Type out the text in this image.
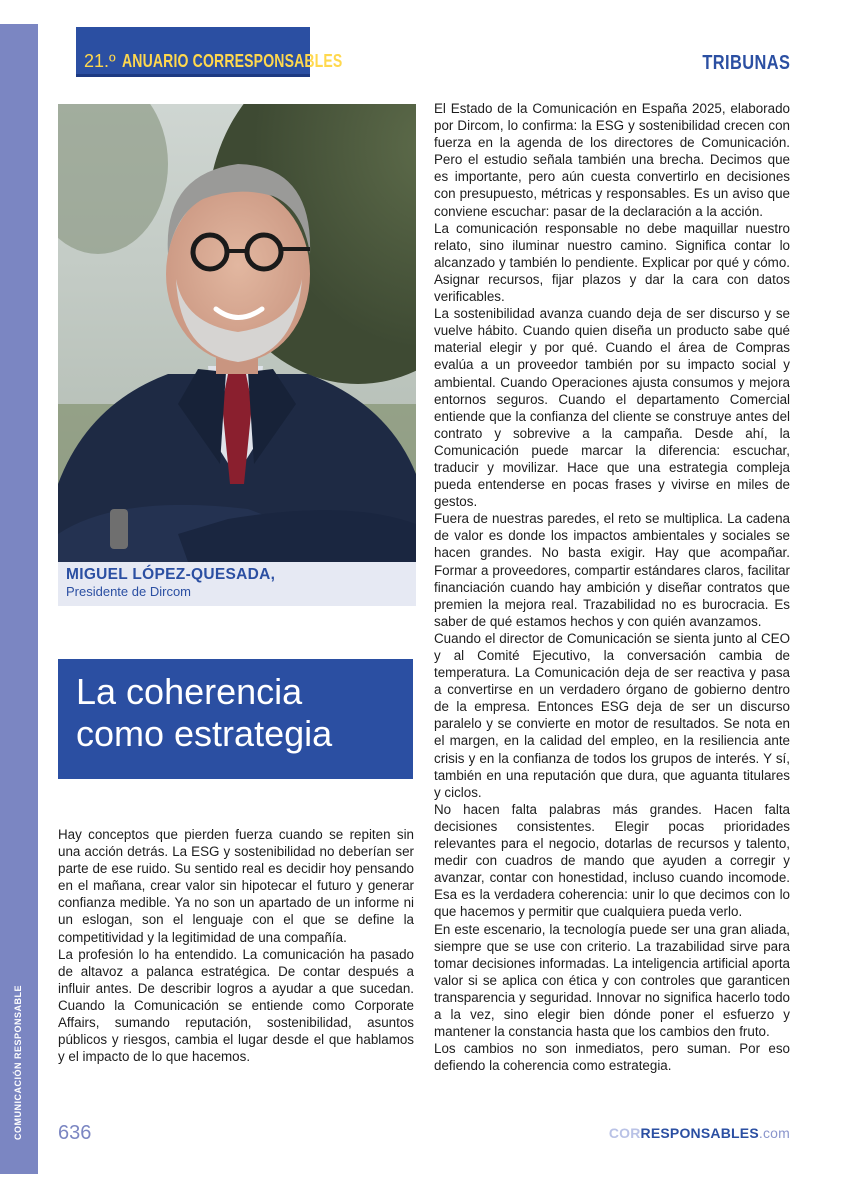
COMUNICACIÓN RESPONSABLE
21.º ANUARIO CORRESPONSABLES	TRIBUNAS
MIGUEL LÓPEZ-QUESADA,
Presidente de Dircom
La coherencia
como estrategia

Hay conceptos que pierden fuerza cuando se repiten sin una acción detrás. La ESG y sostenibilidad no deberían ser parte de ese ruido. Su sentido real es decidir hoy pensando en el mañana, crear valor sin hipotecar el futuro y generar confianza medible. Ya no son un apartado de un informe ni un eslogan, son el lenguaje con el que se define la competitividad y la legitimidad de una compañía.

La profesión lo ha entendido. La comunicación ha pasado de altavoz a palanca estratégica. De contar después a influir antes. De describir logros a ayudar a que sucedan. Cuando la Comunicación se entiende como Corporate Affairs, sumando reputación, sostenibilidad, asuntos públicos y riesgos, cambia el lugar desde el que hablamos y el impacto de lo que hacemos.

El Estado de la Comunicación en España 2025, elaborado por Dircom, lo confirma: la ESG y sostenibilidad crecen con fuerza en la agenda de los directores de Comunicación. Pero el estudio señala también una brecha. Decimos que es importante, pero aún cuesta convertirlo en decisiones con presupuesto, métricas y responsables. Es un aviso que conviene escuchar: pasar de la declaración a la acción.

La comunicación responsable no debe maquillar nuestro relato, sino iluminar nuestro camino. Significa contar lo alcanzado y también lo pendiente. Explicar por qué y cómo. Asignar recursos, fijar plazos y dar la cara con datos verificables.

La sostenibilidad avanza cuando deja de ser discurso y se vuelve hábito. Cuando quien diseña un producto sabe qué material elegir y por qué. Cuando el área de Compras evalúa a un proveedor también por su impacto social y ambiental. Cuando Operaciones ajusta consumos y mejora entornos seguros. Cuando el departamento Comercial entiende que la confianza del cliente se construye antes del contrato y sobrevive a la campaña. Desde ahí, la Comunicación puede marcar la diferencia: escuchar, traducir y movilizar. Hace que una estrategia compleja pueda entenderse en pocas frases y vivirse en miles de gestos.

Fuera de nuestras paredes, el reto se multiplica. La cadena de valor es donde los impactos ambientales y sociales se hacen grandes. No basta exigir. Hay que acompañar. Formar a proveedores, compartir estándares claros, facilitar financiación cuando hay ambición y diseñar contratos que premien la mejora real. Trazabilidad no es burocracia. Es saber de qué estamos hechos y con quién avanzamos.

Cuando el director de Comunicación se sienta junto al CEO y al Comité Ejecutivo, la conversación cambia de temperatura. La Comunicación deja de ser reactiva y pasa a convertirse en un verdadero órgano de gobierno dentro de la empresa. Entonces ESG deja de ser un discurso paralelo y se convierte en motor de resultados. Se nota en el margen, en la calidad del empleo, en la resiliencia ante crisis y en la confianza de todos los grupos de interés. Y sí, también en una reputación que dura, que aguanta titulares y ciclos.

No hacen falta palabras más grandes. Hacen falta decisiones consistentes. Elegir pocas prioridades relevantes para el negocio, dotarlas de recursos y talento, medir con cuadros de mando que ayuden a corregir y avanzar, contar con honestidad, incluso cuando incomode. Esa es la verdadera coherencia: unir lo que decimos con lo que hacemos y permitir que cualquiera pueda verlo.

En este escenario, la tecnología puede ser una gran aliada, siempre que se use con criterio. La trazabilidad sirve para tomar decisiones informadas. La inteligencia artificial aporta valor si se aplica con ética y con controles que garanticen transparencia y seguridad. Innovar no significa hacerlo todo a la vez, sino elegir bien dónde poner el esfuerzo y mantener la constancia hasta que los cambios den fruto.

Los cambios no son inmediatos, pero suman. Por eso defiendo la coherencia como estrategia.

636	CORRESPONSABLES.com
